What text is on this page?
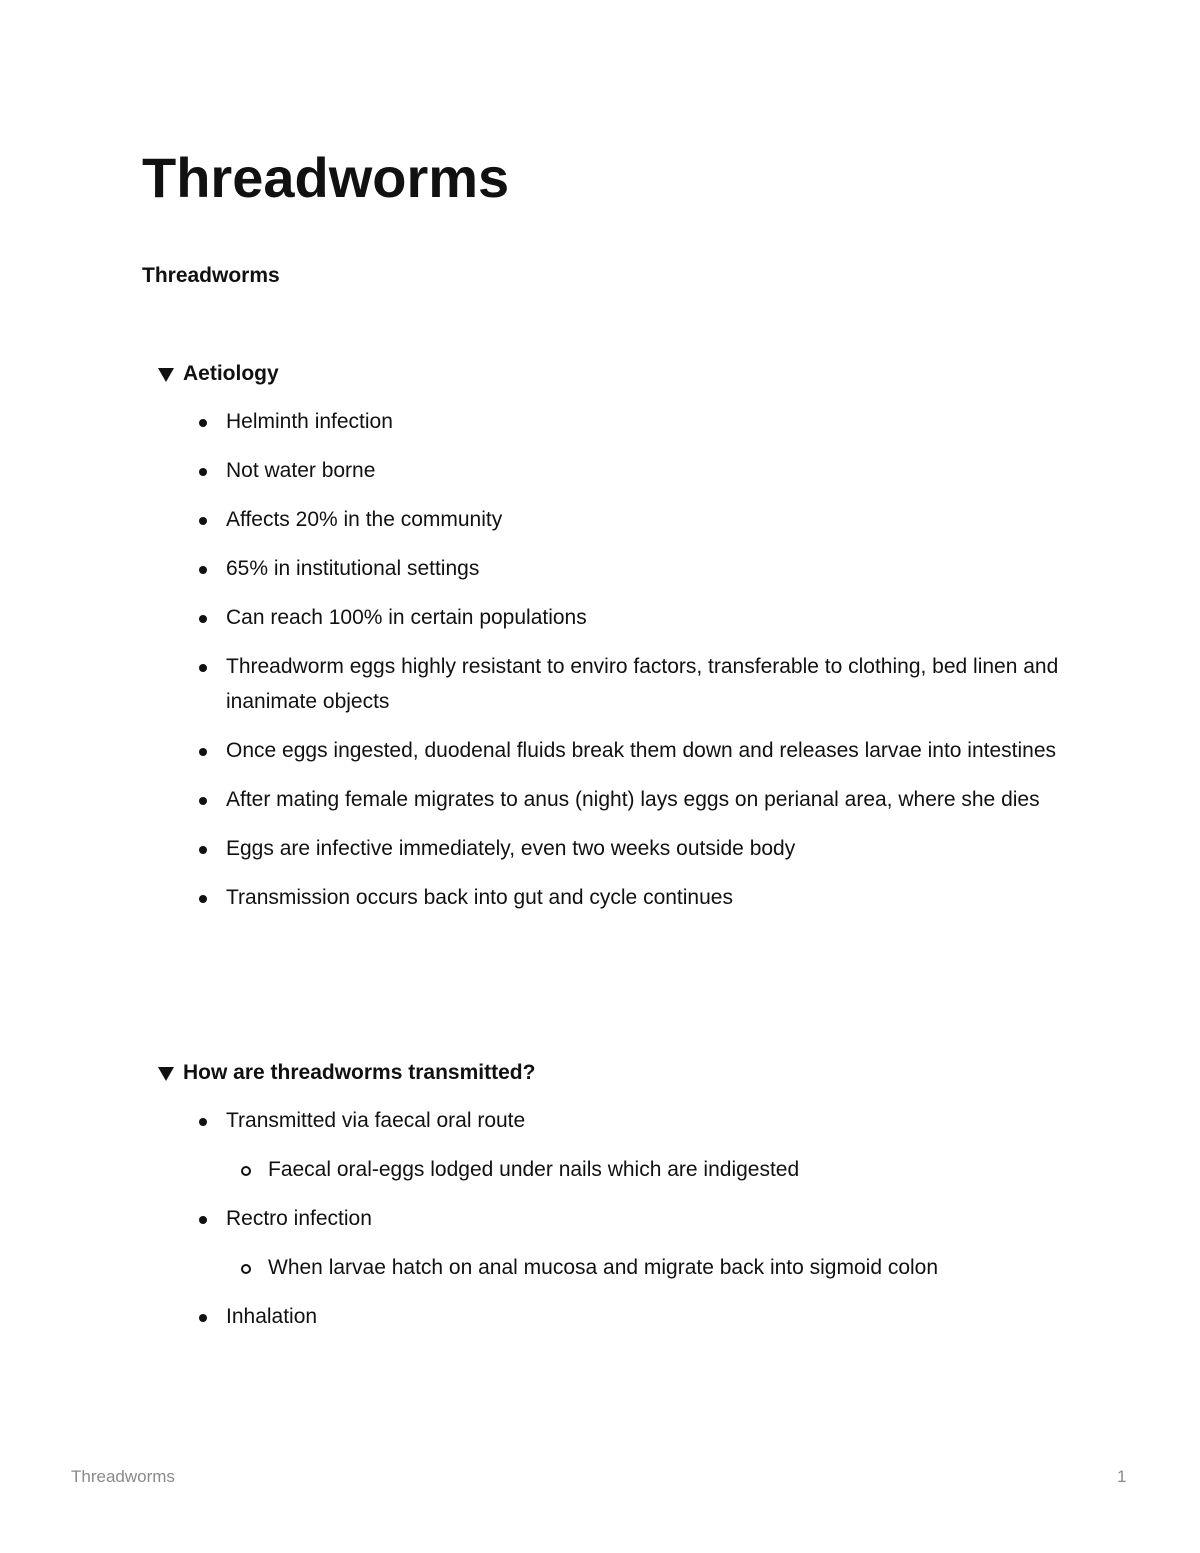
Threadworms

Threadworms

Aetiology
Helminth infection
Not water borne
Affects 20% in the community
65% in institutional settings
Can reach 100% in certain populations
Threadworm eggs highly resistant to enviro factors, transferable to clothing, bed linen and inanimate objects
Once eggs ingested, duodenal fluids break them down and releases larvae into intestines
After mating female migrates to anus (night) lays eggs on perianal area, where she dies
Eggs are infective immediately, even two weeks outside body
Transmission occurs back into gut and cycle continues
How are threadworms transmitted?
Transmitted via faecal oral route
Faecal oral-eggs lodged under nails which are indigested
Rectro infection
When larvae hatch on anal mucosa and migrate back into sigmoid colon
Inhalation
Threadworms	1
